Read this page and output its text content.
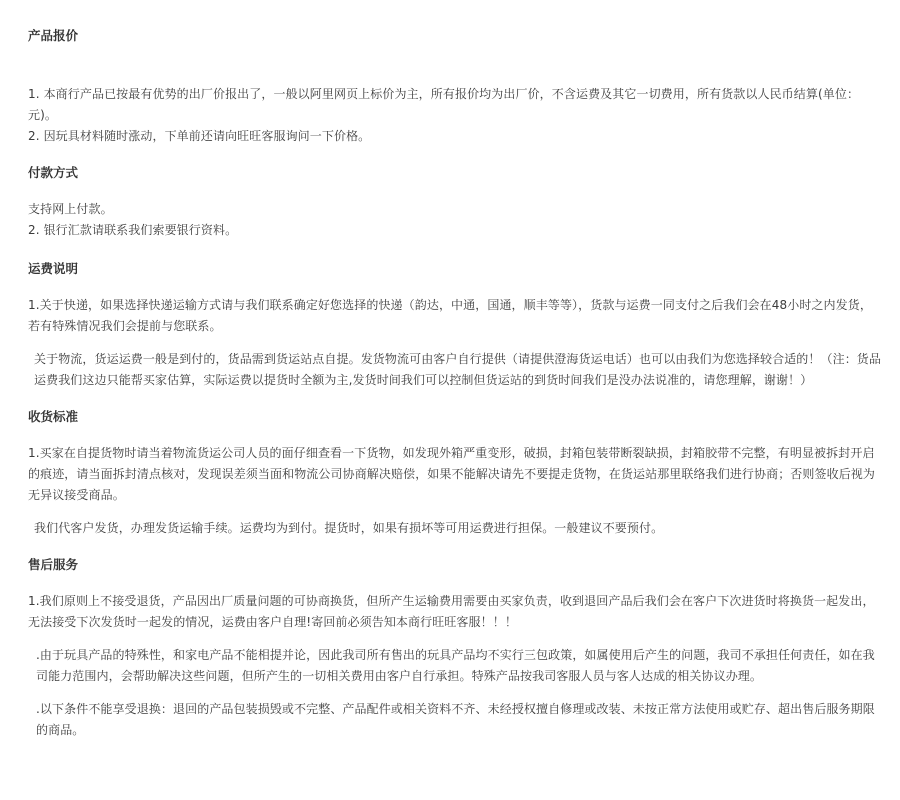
产品报价

1. 本商行产品已按最有优势的出厂价报出了，一般以阿里网页上标价为主，所有报价均为出厂价，不含运费及其它一切费用，所有货款以人民币结算(单位：元)。

2. 因玩具材料随时涨动，下单前还请向旺旺客服询问一下价格。

付款方式

支持网上付款。

2. 银行汇款请联系我们索要银行资料。

运费说明

1.关于快递，如果选择快递运输方式请与我们联系确定好您选择的快递（韵达，中通，国通，顺丰等等），货款与运费一同支付之后我们会在48小时之内发货，若有特殊情况我们会提前与您联系。

关于物流，货运运费一般是到付的，货品需到货运站点自提。发货物流可由客户自行提供（请提供澄海货运电话）也可以由我们为您选择较合适的！（注：货品运费我们这边只能帮买家估算，实际运费以提货时全额为主,发货时间我们可以控制但货运站的到货时间我们是没办法说准的，请您理解，谢谢！）

收货标准

1.买家在自提货物时请当着物流货运公司人员的面仔细查看一下货物，如发现外箱严重变形，破损，封箱包装带断裂缺损，封箱胶带不完整，有明显被拆封开启的痕迹，请当面拆封清点核对，发现误差须当面和物流公司协商解决赔偿，如果不能解决请先不要提走货物，在货运站那里联络我们进行协商；否则签收后视为无异议接受商品。

我们代客户发货，办理发货运输手续。运费均为到付。提货时，如果有损坏等可用运费进行担保。一般建议不要预付。

售后服务

1.我们原则上不接受退货，产品因出厂质量问题的可协商换货，但所产生运输费用需要由买家负责，收到退回产品后我们会在客户下次进货时将换货一起发出，无法接受下次发货时一起发的情况，运费由客户自理!寄回前必须告知本商行旺旺客服！！！

.由于玩具产品的特殊性，和家电产品不能相提并论，因此我司所有售出的玩具产品均不实行三包政策，如属使用后产生的问题，我司不承担任何责任，如在我司能力范围内，会帮助解决这些问题，但所产生的一切相关费用由客户自行承担。特殊产品按我司客服人员与客人达成的相关协议办理。

.以下条件不能享受退换：退回的产品包装损毁或不完整、产品配件或相关资料不齐、未经授权擅自修理或改装、未按正常方法使用或贮存、超出售后服务期限的商品。
